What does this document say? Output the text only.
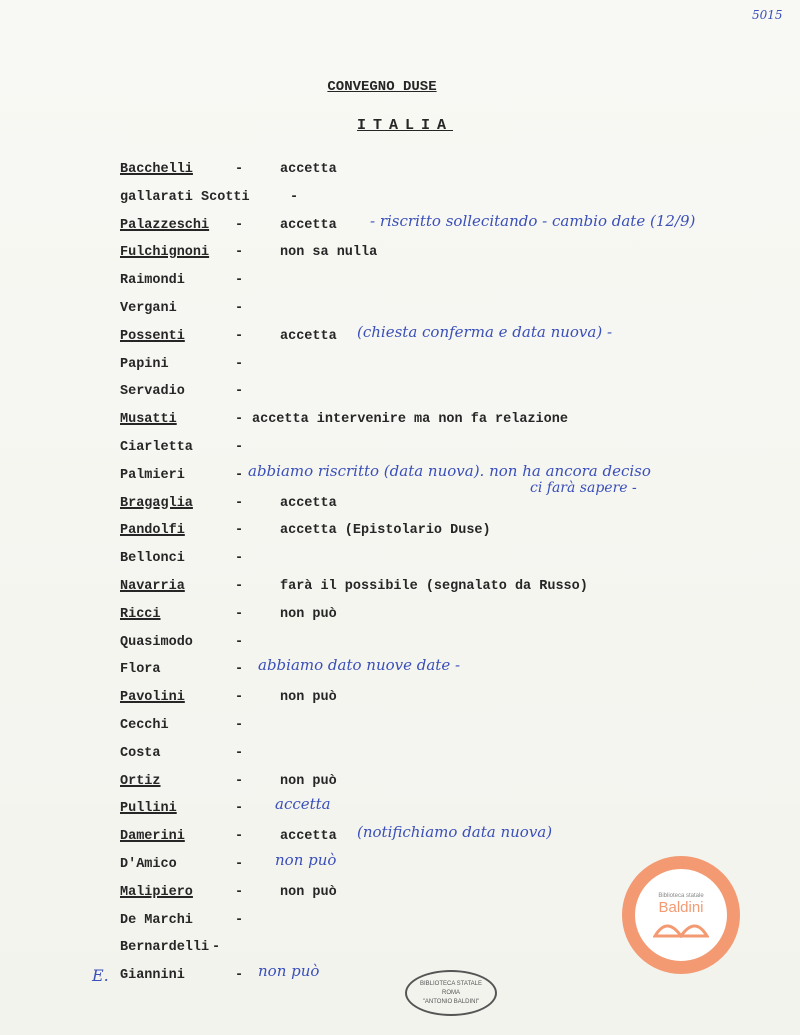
5015
CONVEGNO DUSE
ITALIA
Bacchelli	-	accetta
gallarati Scotti	-
Palazzeschi -	accetta - riscritto sollecitando - cambio date (12/9)
Fulchignoni -	non sa nulla
Raimondi	-
Vergani	-
Possenti	-	accetta (chiesta conferma e data nuova) -
Papini	-
Servadio	-
Musatti	- accetta intervenire ma non fa relazione
Ciarletta	-
Palmieri	- abbiamo riscritto (data nuova). non ha ancora deciso
ci farà sapere -
Bragaglia	-	accetta
Pandolfi	-	accetta (Epistolario Duse)
Bellonci	-
Navarria	-	farà il possibile (segnalato da Russo)
Ricci	-	non può
Quasimodo	-
Flora	- abbiamo dato nuove date -
Pavolini	-	non può
Cecchi	-
Costa	-
Ortiz	-	non può
Pullini	- accetta
Damerini	-	accetta (notifichiamo data nuova)
D'Amico	- non può
Malipiero	-	non può
De Marchi	-
Bernardelli -
Giannini	- non può
E.
Biblioteca statale
Baldini
BIBLIOTECA STATALE
ROMA
"ANTONIO BALDINI"
